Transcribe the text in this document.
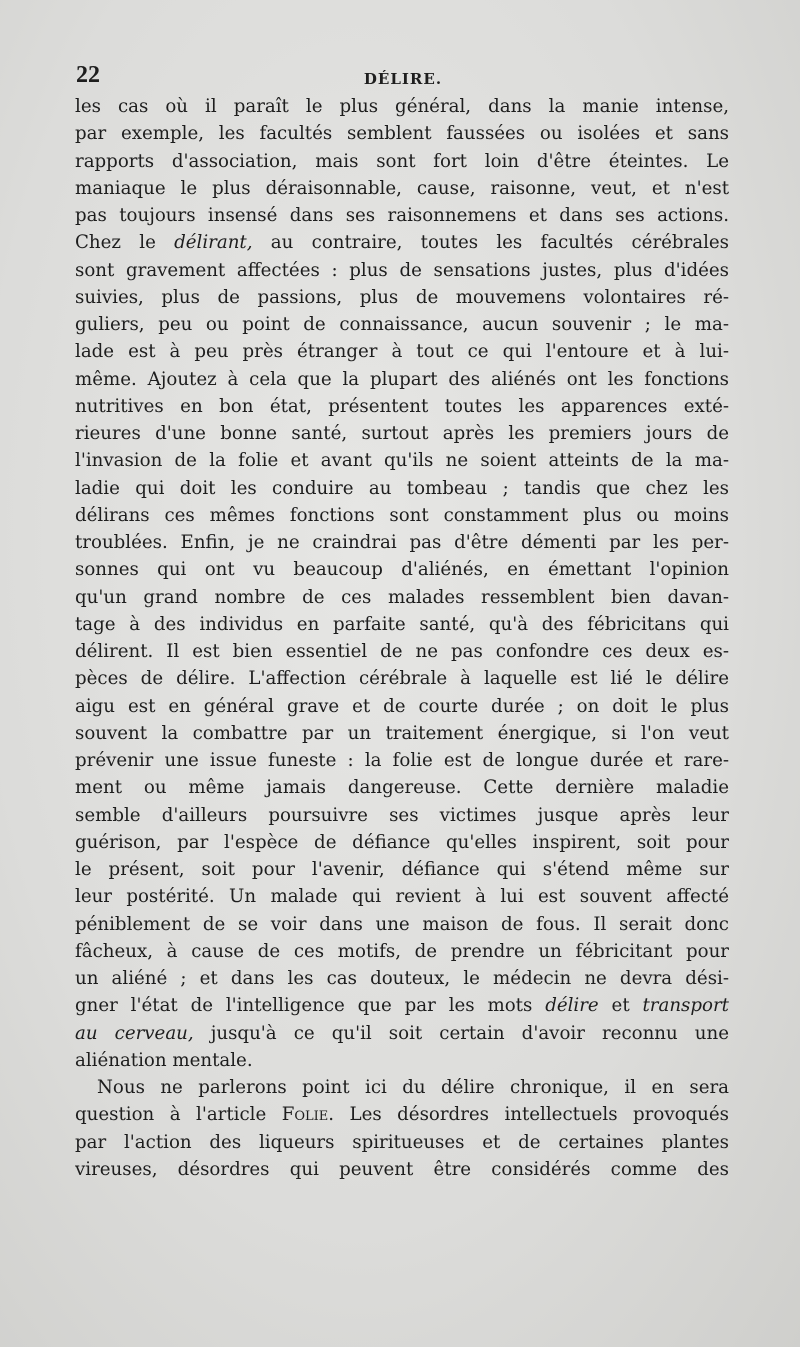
22	DÉLIRE.
les cas où il paraît le plus général, dans la manie intense,
par exemple, les facultés semblent faussées ou isolées et sans
rapports d'association, mais sont fort loin d'être éteintes. Le
maniaque le plus déraisonnable, cause, raisonne, veut, et n'est
pas toujours insensé dans ses raisonnemens et dans ses actions.
Chez le délirant, au contraire, toutes les facultés cérébrales
sont gravement affectées : plus de sensations justes, plus d'idées
suivies, plus de passions, plus de mouvemens volontaires ré-
guliers, peu ou point de connaissance, aucun souvenir ; le ma-
lade est à peu près étranger à tout ce qui l'entoure et à lui-
même. Ajoutez à cela que la plupart des aliénés ont les fonctions
nutritives en bon état, présentent toutes les apparences exté-
rieures d'une bonne santé, surtout après les premiers jours de
l'invasion de la folie et avant qu'ils ne soient atteints de la ma-
ladie qui doit les conduire au tombeau ; tandis que chez les
délirans ces mêmes fonctions sont constamment plus ou moins
troublées. Enfin, je ne craindrai pas d'être démenti par les per-
sonnes qui ont vu beaucoup d'aliénés, en émettant l'opinion
qu'un grand nombre de ces malades ressemblent bien davan-
tage à des individus en parfaite santé, qu'à des fébricitans qui
délirent. Il est bien essentiel de ne pas confondre ces deux es-
pèces de délire. L'affection cérébrale à laquelle est lié le délire
aigu est en général grave et de courte durée ; on doit le plus
souvent la combattre par un traitement énergique, si l'on veut
prévenir une issue funeste : la folie est de longue durée et rare-
ment ou même jamais dangereuse. Cette dernière maladie
semble d'ailleurs poursuivre ses victimes jusque après leur
guérison, par l'espèce de défiance qu'elles inspirent, soit pour
le présent, soit pour l'avenir, défiance qui s'étend même sur
leur postérité. Un malade qui revient à lui est souvent affecté
péniblement de se voir dans une maison de fous. Il serait donc
fâcheux, à cause de ces motifs, de prendre un fébricitant pour
un aliéné ; et dans les cas douteux, le médecin ne devra dési-
gner l'état de l'intelligence que par les mots délire et transport
au cerveau, jusqu'à ce qu'il soit certain d'avoir reconnu une
aliénation mentale.
Nous ne parlerons point ici du délire chronique, il en sera
question à l'article Folie. Les désordres intellectuels provoqués
par l'action des liqueurs spiritueuses et de certaines plantes
vireuses, désordres qui peuvent être considérés comme des
